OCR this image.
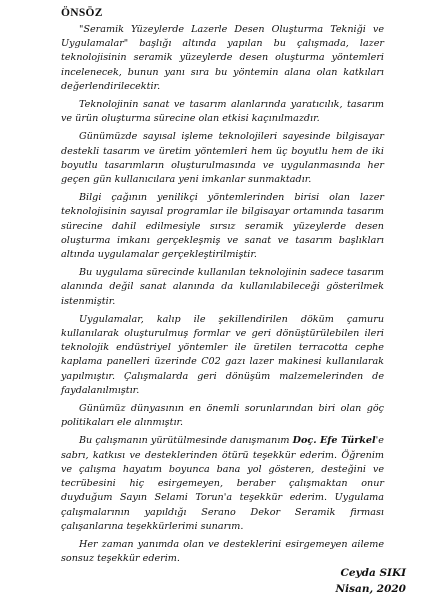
ÖNSÖZ

"Seramik Yüzeylerde Lazerle Desen Oluşturma Tekniği ve Uygulamalar" başlığı altında yapılan bu çalışmada, lazer teknolojisinin seramik yüzeylerde desen oluşturma yöntemleri incelenecek, bunun yanı sıra bu yöntemin alana olan katkıları değerlendirilecektir.

Teknolojinin sanat ve tasarım alanlarında yaratıcılık, tasarım ve ürün oluşturma sürecine olan etkisi kaçınılmazdır.

Günümüzde sayısal işleme teknolojileri sayesinde bilgisayar destekli tasarım ve üretim yöntemleri hem üç boyutlu hem de iki boyutlu tasarımların oluşturulmasında ve uygulanmasında her geçen gün kullanıcılara yeni imkanlar sunmaktadır.

Bilgi çağının yenilikçi yöntemlerinden birisi olan lazer teknolojisinin sayısal programlar ile bilgisayar ortamında tasarım sürecine dahil edilmesiyle sırsız seramik yüzeylerde desen oluşturma imkanı gerçekleşmiş ve sanat ve tasarım başlıkları altında uygulamalar gerçekleştirilmiştir.

Bu uygulama sürecinde kullanılan teknolojinin sadece tasarım alanında değil sanat alanında da kullanılabileceği gösterilmek istenmiştir.

Uygulamalar, kalıp ile şekillendirilen döküm çamuru kullanılarak oluşturulmuş formlar ve geri dönüştürülebilen ileri teknolojik endüstriyel yöntemler ile üretilen terracotta cephe kaplama panelleri üzerinde C02 gazı lazer makinesi kullanılarak yapılmıştır. Çalışmalarda geri dönüşüm malzemelerinden de faydalanılmıştır.

Günümüz dünyasının en önemli sorunlarından biri olan göç politikaları ele alınmıştır.

Bu çalışmanın yürütülmesinde danışmanım Doç. Efe Türkel'e sabrı, katkısı ve desteklerinden ötürü teşekkür ederim. Öğrenim ve çalışma hayatım boyunca bana yol gösteren, desteğini ve tecrübesini hiç esirgemeyen, beraber çalışmaktan onur duyduğum Sayın Selami Torun'a teşekkür ederim. Uygulama çalışmalarının yapıldığı Serano Dekor Seramik firması çalışanlarına teşekkürlerimi sunarım.

Her zaman yanımda olan ve desteklerini esirgemeyen aileme sonsuz teşekkür ederim.

Ceyda SIKI
Nisan, 2020
